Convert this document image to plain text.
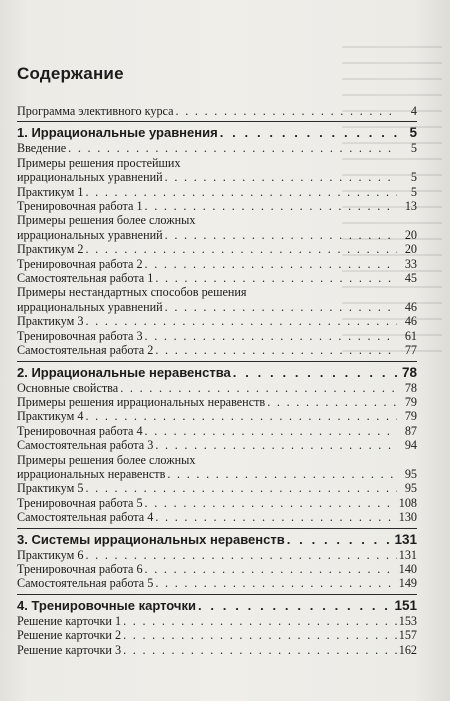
Содержание
Программа элективного курса . . .	4
1. Иррациональные уравнения . . .	5
Введение . . .	5
Примеры решения простейших
иррациональных уравнений . . .	5
Практикум 1 . . .	5
Тренировочная работа 1 . . .	13
Примеры решения более сложных
иррациональных уравнений . . .	20
Практикум 2 . . .	20
Тренировочная работа 2 . . .	33
Самостоятельная работа 1 . . .	45
Примеры нестандартных способов решения
иррациональных уравнений . . .	46
Практикум 3 . . .	46
Тренировочная работа 3 . . .	61
Самостоятельная работа 2 . . .	77
2. Иррациональные неравенства . . .	78
Основные свойства . . .	78
Примеры решения иррациональных неравенств . . .	79
Практикум 4 . . .	79
Тренировочная работа 4 . . .	87
Самостоятельная работа 3 . . .	94
Примеры решения более сложных
иррациональных неравенств . . .	95
Практикум 5 . . .	95
Тренировочная работа 5 . . .	108
Самостоятельная работа 4 . . .	130
3. Системы иррациональных неравенств . . .	131
Практикум 6 . . .	131
Тренировочная работа 6 . . .	140
Самостоятельная работа 5 . . .	149
4. Тренировочные карточки . . .	151
Решение карточки 1 . . .	153
Решение карточки 2 . . .	157
Решение карточки 3 . . .	162
